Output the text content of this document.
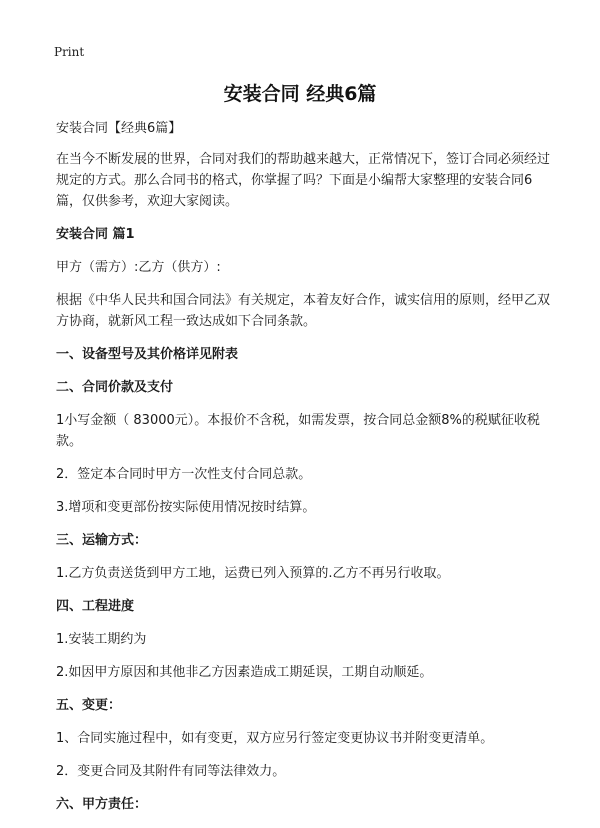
Print
安装合同 经典6篇

安装合同【经典6篇】

在当今不断发展的世界，合同对我们的帮助越来越大，正常情况下，签订合同必须经过规定的方式。那么合同书的格式，你掌握了吗？下面是小编帮大家整理的安装合同6篇，仅供参考，欢迎大家阅读。

安装合同 篇1

甲方（需方）:乙方（供方）:

根据《中华人民共和国合同法》有关规定，本着友好合作，诚实信用的原则，经甲乙双方协商，就新风工程一致达成如下合同条款。

一、设备型号及其价格详见附表

二、合同价款及支付

1小写金额（ 83000元）。本报价不含税，如需发票，按合同总金额8%的税赋征收税款。

2．签定本合同时甲方一次性支付合同总款。

3.增项和变更部份按实际使用情况按时结算。

三、运输方式：

1.乙方负责送货到甲方工地，运费已列入预算的.乙方不再另行收取。

四、工程进度

1.安装工期约为

2.如因甲方原因和其他非乙方因素造成工期延误，工期自动顺延。

五、变更：

1、合同实施过程中，如有变更，双方应另行签定变更协议书并附变更清单。

2．变更合同及其附件有同等法律效力。

六、甲方责任：
